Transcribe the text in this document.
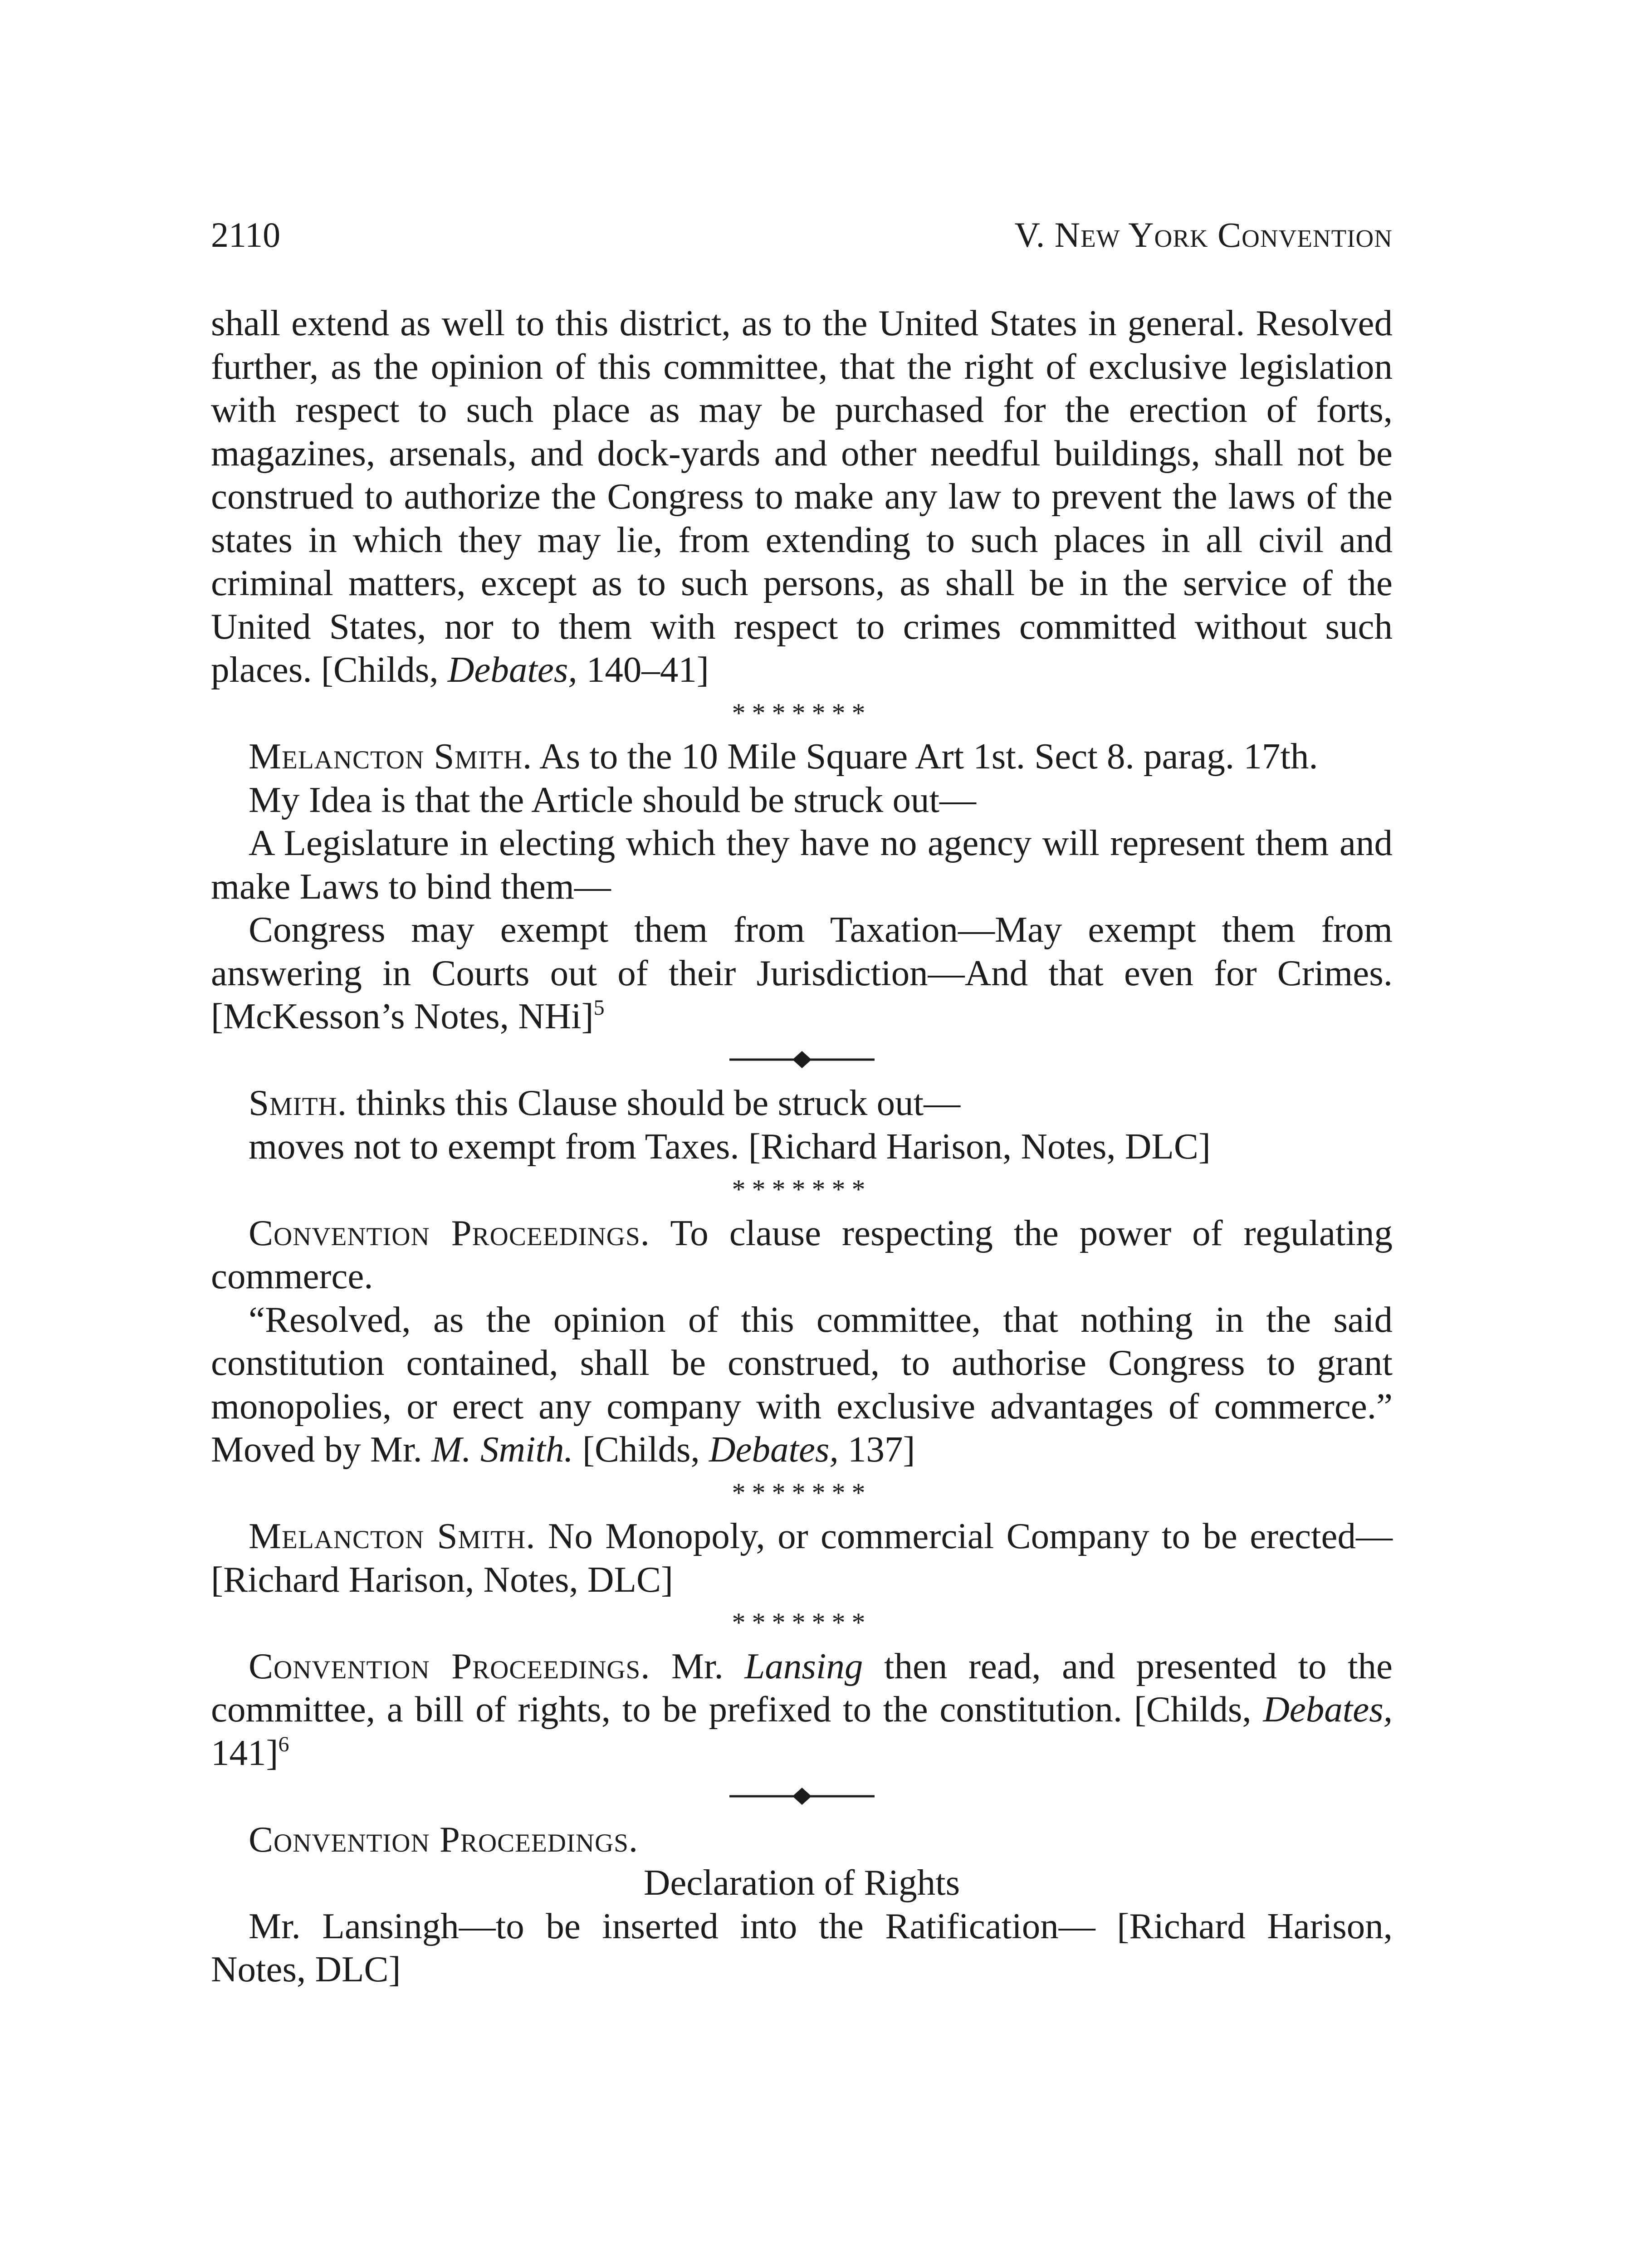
2110	V. New York Convention

shall extend as well to this district, as to the United States in general. Resolved further, as the opinion of this committee, that the right of exclusive legislation with respect to such place as may be purchased for the erection of forts, magazines, arsenals, and dock-yards and other needful buildings, shall not be construed to authorize the Congress to make any law to prevent the laws of the states in which they may lie, from extending to such places in all civil and criminal matters, except as to such persons, as shall be in the service of the United States, nor to them with respect to crimes committed without such places. [Childs, Debates, 140–41]

*******

Melancton Smith. As to the 10 Mile Square Art 1st. Sect 8. parag. 17th.

My Idea is that the Article should be struck out—

A Legislature in electing which they have no agency will represent them and make Laws to bind them—

Congress may exempt them from Taxation—May exempt them from answering in Courts out of their Jurisdiction—And that even for Crimes. [McKesson’s Notes, NHi]$^5$

Smith. thinks this Clause should be struck out—

moves not to exempt from Taxes. [Richard Harison, Notes, DLC]

*******

Convention Proceedings. To clause respecting the power of regulating commerce.

“Resolved, as the opinion of this committee, that nothing in the said constitution contained, shall be construed, to authorise Congress to grant monopolies, or erect any company with exclusive advantages of commerce.” Moved by Mr. M. Smith. [Childs, Debates, 137]

*******

Melancton Smith. No Monopoly, or commercial Company to be erected— [Richard Harison, Notes, DLC]

*******

Convention Proceedings. Mr. Lansing then read, and presented to the committee, a bill of rights, to be prefixed to the constitution. [Childs, Debates, 141]$^6$

Convention Proceedings.

Declaration of Rights

Mr. Lansingh—to be inserted into the Ratification— [Richard Harison, Notes, DLC]
